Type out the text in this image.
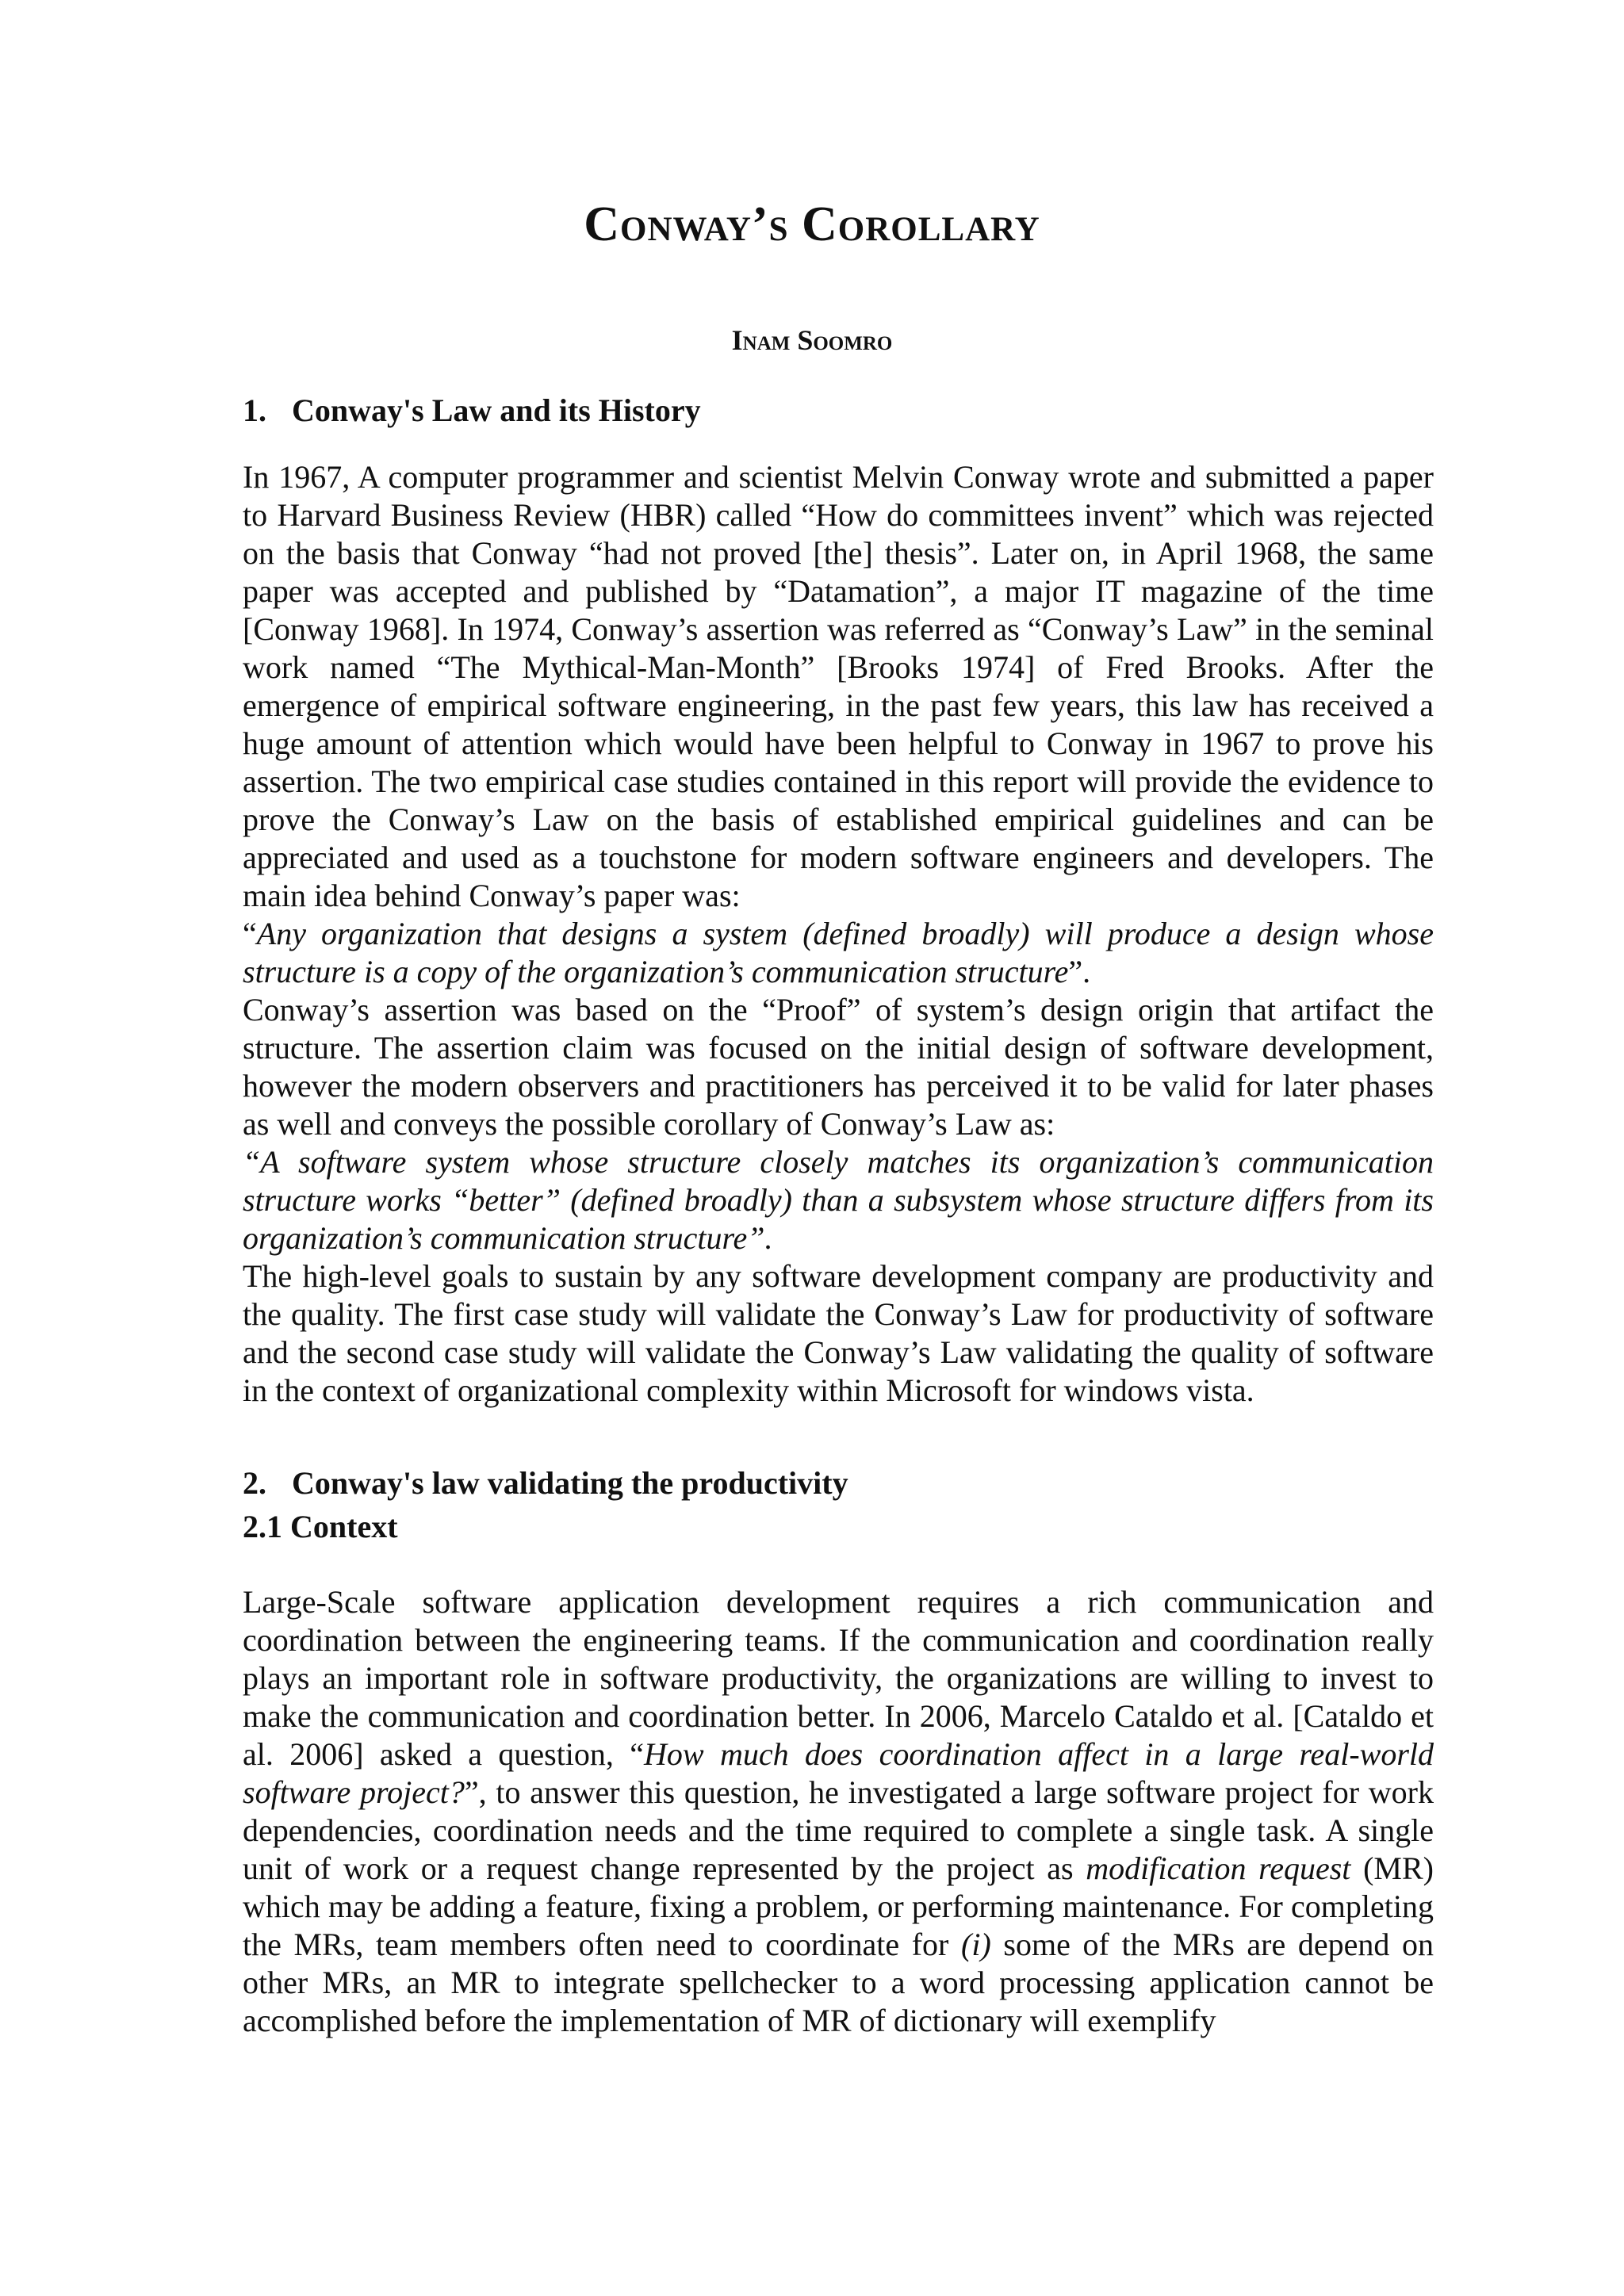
Conway’s Corollary
Inam Soomro
1. Conway's Law and its History

In 1967, A computer programmer and scientist Melvin Conway wrote and submitted a paper to Harvard Business Review (HBR) called “How do committees invent” which was rejected on the basis that Conway “had not proved [the] thesis”. Later on, in April 1968, the same paper was accepted and published by “Datamation”, a major IT magazine of the time [Conway 1968]. In 1974, Conway’s assertion was referred as “Conway’s Law” in the seminal work named “The Mythical-Man-Month” [Brooks 1974] of Fred Brooks. After the emergence of empirical software engineering, in the past few years, this law has received a huge amount of attention which would have been helpful to Conway in 1967 to prove his assertion. The two empirical case studies contained in this report will provide the evidence to prove the Conway’s Law on the basis of established empirical guidelines and can be appreciated and used as a touchstone for modern software engineers and developers. The main idea behind Conway’s paper was:

“Any organization that designs a system (defined broadly) will produce a design whose structure is a copy of the organization’s communication structure”.

Conway’s assertion was based on the “Proof” of system’s design origin that artifact the structure. The assertion claim was focused on the initial design of software development, however the modern observers and practitioners has perceived it to be valid for later phases as well and conveys the possible corollary of Conway’s Law as:

“A software system whose structure closely matches its organization’s communication structure works “better” (defined broadly) than a subsystem whose structure differs from its organization’s communication structure”.

The high-level goals to sustain by any software development company are productivity and the quality. The first case study will validate the Conway’s Law for productivity of software and the second case study will validate the Conway’s Law validating the quality of software in the context of organizational complexity within Microsoft for windows vista.

2. Conway's law validating the productivity
2.1 Context

Large-Scale software application development requires a rich communication and coordination between the engineering teams. If the communication and coordination really plays an important role in software productivity, the organizations are willing to invest to make the communication and coordination better. In 2006, Marcelo Cataldo et al. [Cataldo et al. 2006] asked a question, “How much does coordination affect in a large real-world software project?”, to answer this question, he investigated a large software project for work dependencies, coordination needs and the time required to complete a single task. A single unit of work or a request change represented by the project as modification request (MR) which may be adding a feature, fixing a problem, or performing maintenance. For completing the MRs, team members often need to coordinate for (i) some of the MRs are depend on other MRs, an MR to integrate spellchecker to a word processing application cannot be accomplished before the implementation of MR of dictionary will exemplify
